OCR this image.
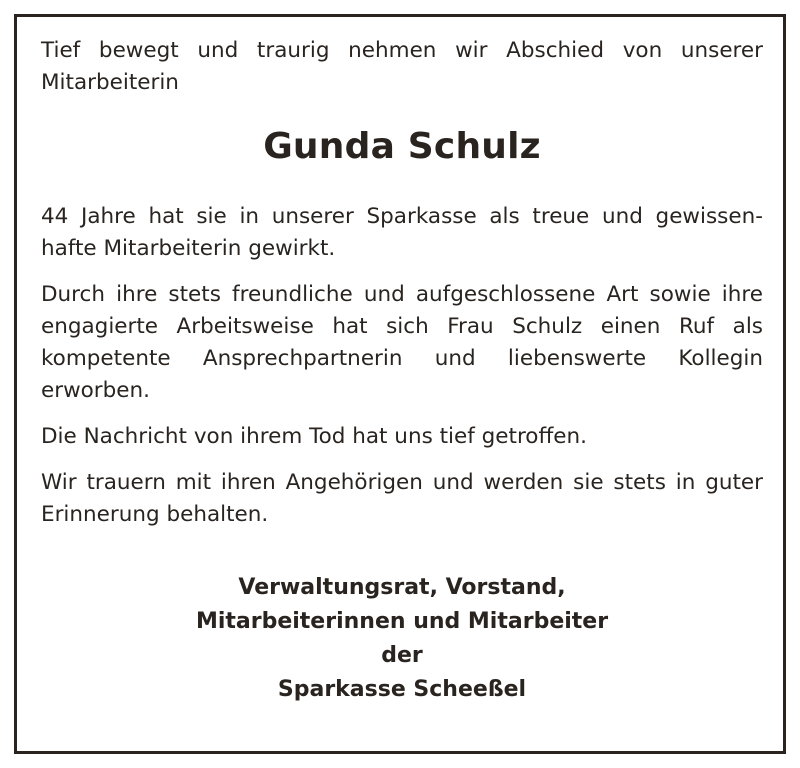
Tief bewegt und traurig nehmen wir Abschied von unserer Mitarbeiterin

Gunda Schulz

44 Jahre hat sie in unserer Sparkasse als treue und gewissen- hafte Mitarbeiterin gewirkt.

Durch ihre stets freundliche und aufgeschlossene Art sowie ihre engagierte Arbeitsweise hat sich Frau Schulz einen Ruf als kompetente Ansprechpartnerin und liebenswerte Kollegin erworben.

Die Nachricht von ihrem Tod hat uns tief getroffen.

Wir trauern mit ihren Angehörigen und werden sie stets in guter Erinnerung behalten.

Verwaltungsrat, Vorstand,
Mitarbeiterinnen und Mitarbeiter
der
Sparkasse Scheeßel
